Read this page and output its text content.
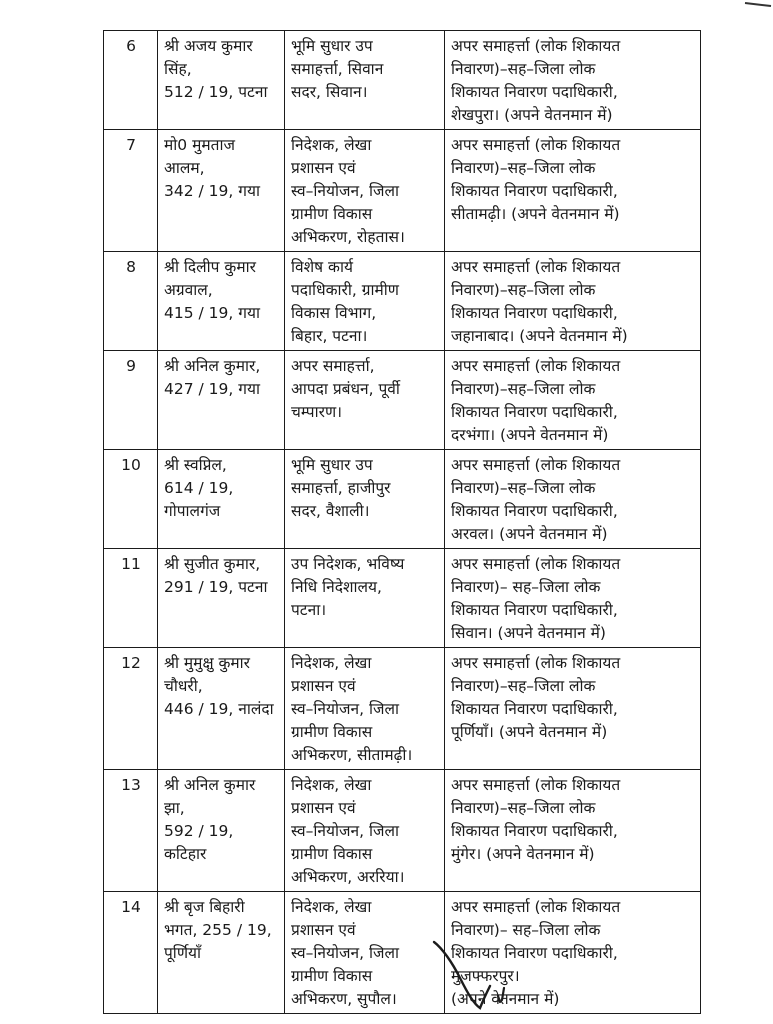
6	श्री अजय कुमार
सिंह,
512 / 19, पटना	भूमि सुधार उप
समाहर्त्ता, सिवान
सदर, सिवान।	अपर समाहर्त्ता (लोक शिकायत
निवारण)–सह–जिला लोक
शिकायत निवारण पदाधिकारी,
शेखपुरा। (अपने वेतनमान में)
7	मो0 मुमताज
आलम,
342 / 19, गया	निदेशक, लेखा
प्रशासन एवं
स्व–नियोजन, जिला
ग्रामीण विकास
अभिकरण, रोहतास।	अपर समाहर्त्ता (लोक शिकायत
निवारण)–सह–जिला लोक
शिकायत निवारण पदाधिकारी,
सीतामढ़ी। (अपने वेतनमान में)
8	श्री दिलीप कुमार
अग्रवाल,
415 / 19, गया	विशेष कार्य
पदाधिकारी, ग्रामीण
विकास विभाग,
बिहार, पटना।	अपर समाहर्त्ता (लोक शिकायत
निवारण)–सह–जिला लोक
शिकायत निवारण पदाधिकारी,
जहानाबाद। (अपने वेतनमान में)
9	श्री अनिल कुमार,
427 / 19, गया	अपर समाहर्त्ता,
आपदा प्रबंधन, पूर्वी
चम्पारण।	अपर समाहर्त्ता (लोक शिकायत
निवारण)–सह–जिला लोक
शिकायत निवारण पदाधिकारी,
दरभंगा। (अपने वेतनमान में)
10	श्री स्वप्निल,
614 / 19,
गोपालगंज	भूमि सुधार उप
समाहर्त्ता, हाजीपुर
सदर, वैशाली।	अपर समाहर्त्ता (लोक शिकायत
निवारण)–सह–जिला लोक
शिकायत निवारण पदाधिकारी,
अरवल। (अपने वेतनमान में)
11	श्री सुजीत कुमार,
291 / 19, पटना	उप निदेशक, भविष्य
निधि निदेशालय,
पटना।	अपर समाहर्त्ता (लोक शिकायत
निवारण)– सह–जिला लोक
शिकायत निवारण पदाधिकारी,
सिवान। (अपने वेतनमान में)
12	श्री मुमुक्षु कुमार
चौधरी,
446 / 19, नालंदा	निदेशक, लेखा
प्रशासन एवं
स्व–नियोजन, जिला
ग्रामीण विकास
अभिकरण, सीतामढ़ी।	अपर समाहर्त्ता (लोक शिकायत
निवारण)–सह–जिला लोक
शिकायत निवारण पदाधिकारी,
पूर्णियाँ। (अपने वेतनमान में)
13	श्री अनिल कुमार
झा,
592 / 19, कटिहार	निदेशक, लेखा
प्रशासन एवं
स्व–नियोजन, जिला
ग्रामीण विकास
अभिकरण, अररिया।	अपर समाहर्त्ता (लोक शिकायत
निवारण)–सह–जिला लोक
शिकायत निवारण पदाधिकारी,
मुंगेर। (अपने वेतनमान में)
14	श्री बृज बिहारी
भगत, 255 / 19,
पूर्णियाँ	निदेशक, लेखा
प्रशासन एवं
स्व–नियोजन, जिला
ग्रामीण विकास
अभिकरण, सुपौल।	अपर समाहर्त्ता (लोक शिकायत
निवारण)– सह–जिला लोक
शिकायत निवारण पदाधिकारी,
मुजफ्फरपुर।
(अपने वेतनमान में)
